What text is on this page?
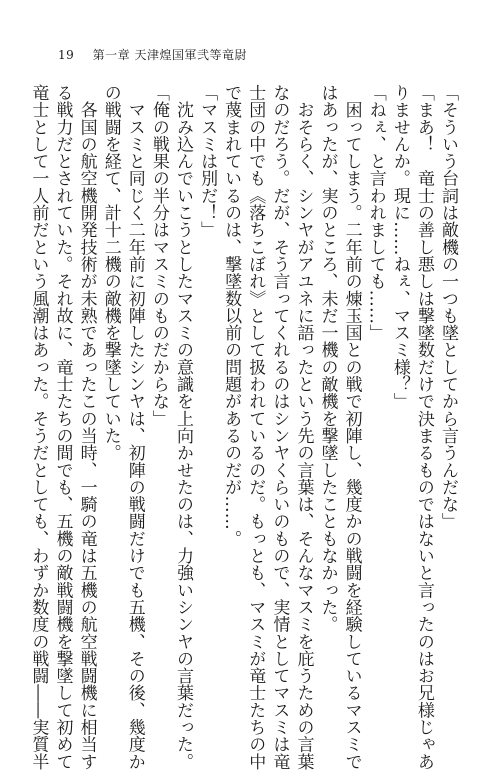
19 第一章 天津煌国軍弐等竜尉

「そういう台詞は敵機の一つも墜としてから言うんだな」

「まあ！　竜士の善し悪しは撃墜数だけで決まるものではないと言ったのはお兄様じゃあ

りませんか。現に……ねぇ、マスミ様？」

「ねぇ、と言われましても……」

　困ってしまう。二年前の煉玉国との戦で初陣し、幾度かの戦闘を経験しているマスミで

はあったが、実のところ、未だ一機の敵機を撃墜したこともなかった。

　おそらく、シンヤがアユネに語ったという先の言葉は、そんなマスミを庇うための言葉

なのだろう。だが、そう言ってくれるのはシンヤくらいのもので、実情としてマスミは竜

士団の中でも《落ちこぼれ》として扱われているのだ。もっとも、マスミが竜士たちの中

で蔑まれているのは、撃墜数以前の問題があるのだが……。

「マスミは別だ！」

　沈み込んでいこうとしたマスミの意識を上向かせたのは、力強いシンヤの言葉だった。

「俺の戦果の半分はマスミのものだからな」

　マスミと同じく二年前に初陣したシンヤは、初陣の戦闘だけでも五機、その後、幾度か

の戦闘を経て、計十二機の敵機を撃墜していた。

　各国の航空機開発技術が未熟であったこの当時、一騎の竜は五機の航空戦闘機に相当す

る戦力だとされていた。それ故に、竜士たちの間でも、五機の敵戦闘機を撃墜して初めて

竜士として一人前だという風潮はあった。そうだとしても、わずか数度の戦闘――実質半
